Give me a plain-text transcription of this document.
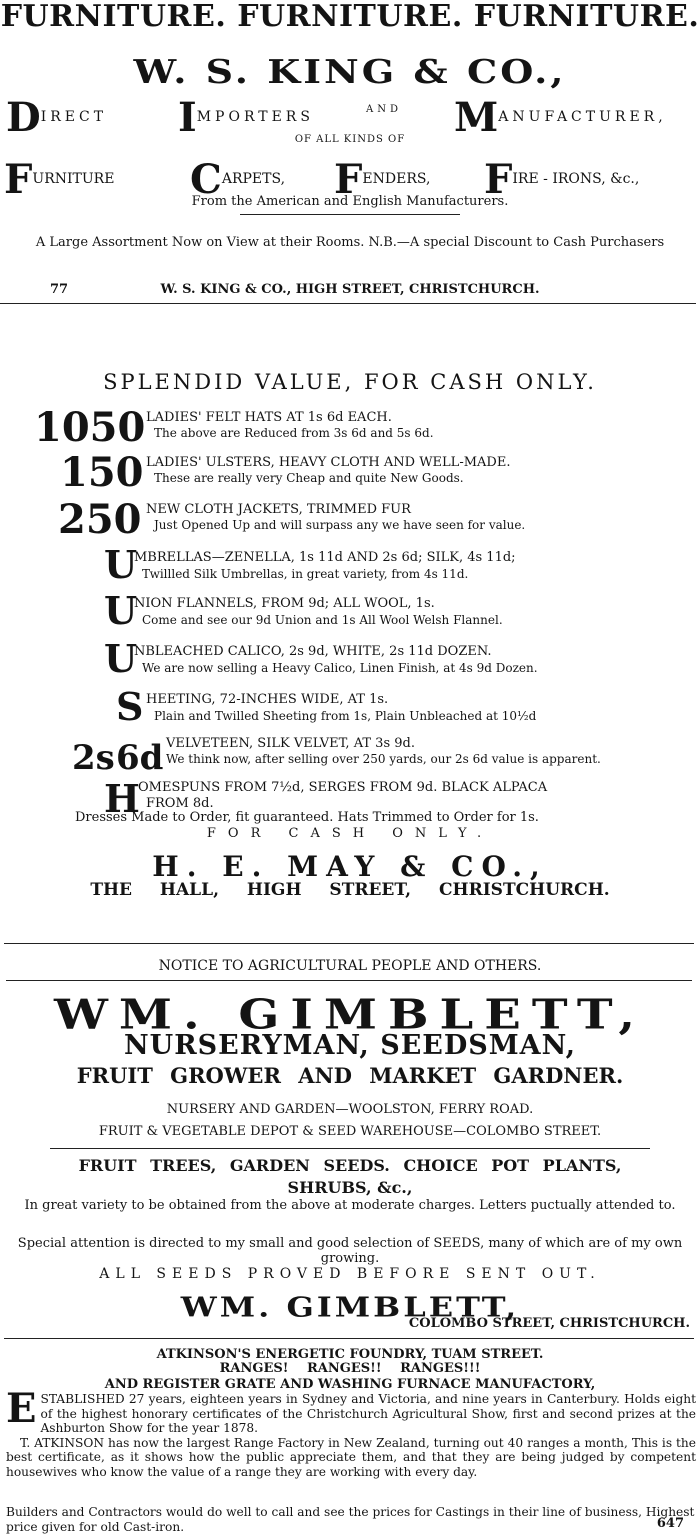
FURNITURE. FURNITURE. FURNITURE.
W. S. KING & CO.,
DIRECT IMPORTERS	AND MANUFACTURER,
OF ALL KINDS OF
FURNITURE CARPETS, FENDERS, FIRE - IRONS, &c.,
From the American and English Manufacturers.
A Large Assortment Now on View at their Rooms. N.B.—A special Discount to Cash Purchasers
77	W. S. KING & CO., HIGH STREET, CHRISTCHURCH.
SPLENDID VALUE, FOR CASH ONLY.
1050 LADIES' FELT HATS AT 1s 6d EACH.
The above are Reduced from 3s 6d and 5s 6d.
150 LADIES' ULSTERS, HEAVY CLOTH AND WELL-MADE.
These are really very Cheap and quite New Goods.
250 NEW CLOTH JACKETS, TRIMMED FUR
Just Opened Up and will surpass any we have seen for value.
U
MBRELLAS—ZENELLA, 1s 11d AND 2s 6d; SILK, 4s 11d;
Twillled Silk Umbrellas, in great variety, from 4s 11d.
U
NION FLANNELS, FROM 9d; ALL WOOL, 1s.
Come and see our 9d Union and 1s All Wool Welsh Flannel.
U
NBLEACHED CALICO, 2s 9d, WHITE, 2s 11d DOZEN.
We are now selling a Heavy Calico, Linen Finish, at 4s 9d Dozen.
S HEETING, 72-INCHES WIDE, AT 1s.
Plain and Twilled Sheeting from 1s, Plain Unbleached at 10½d
2s 6d VELVETEEN, SILK VELVET, AT 3s 9d.
We think now, after selling over 250 yards, our 2s 6d value is apparent.
H
OMESPUNS FROM 7½d, SERGES FROM 9d. BLACK ALPACA
FROM 8d.
Dresses Made to Order, fit guaranteed. Hats Trimmed to Order for 1s.
FOR CASH ONLY.
H. E. MAY & CO.,
THE HALL, HIGH STREET, CHRISTCHURCH.
NOTICE TO AGRICULTURAL PEOPLE AND OTHERS.
WM. GIMBLETT,
NURSERYMAN, SEEDSMAN,
FRUIT GROWER AND MARKET GARDNER.
NURSERY AND GARDEN—WOOLSTON, FERRY ROAD.
FRUIT & VEGETABLE DEPOT & SEED WAREHOUSE—COLOMBO STREET.
FRUIT TREES, GARDEN SEEDS. CHOICE POT PLANTS,
SHRUBS, &c.,
In great variety to be obtained from the above at moderate charges. Letters puctually attended to.
Special attention is directed to my small and good selection of SEEDS, many of which are of my own growing.
ALL SEEDS PROVED BEFORE SENT OUT.
WM. GIMBLETT,
COLOMBO STREET, CHRISTCHURCH.
ATKINSON'S ENERGETIC FOUNDRY, TUAM STREET.
RANGES! RANGES!! RANGES!!!
AND REGISTER GRATE AND WASHING FURNACE MANUFACTORY,
E STABLISHED 27 years, eighteen years in Sydney and Victoria, and nine years in Canterbury. Holds eight of the highest honorary certificates of the Christchurch Agricultural Show, first and second prizes at the Ashburton Show for the year 1878.

T. ATKINSON has now the largest Range Factory in New Zealand, turning out 40 ranges a month, This is the best certificate, as it shows how the public appreciate them, and that they are being judged by competent housewives who know the value of a range they are working with every day.

Builders and Contractors would do well to call and see the prices for Castings in their line of business, Highest price given for old Cast-iron.	647
